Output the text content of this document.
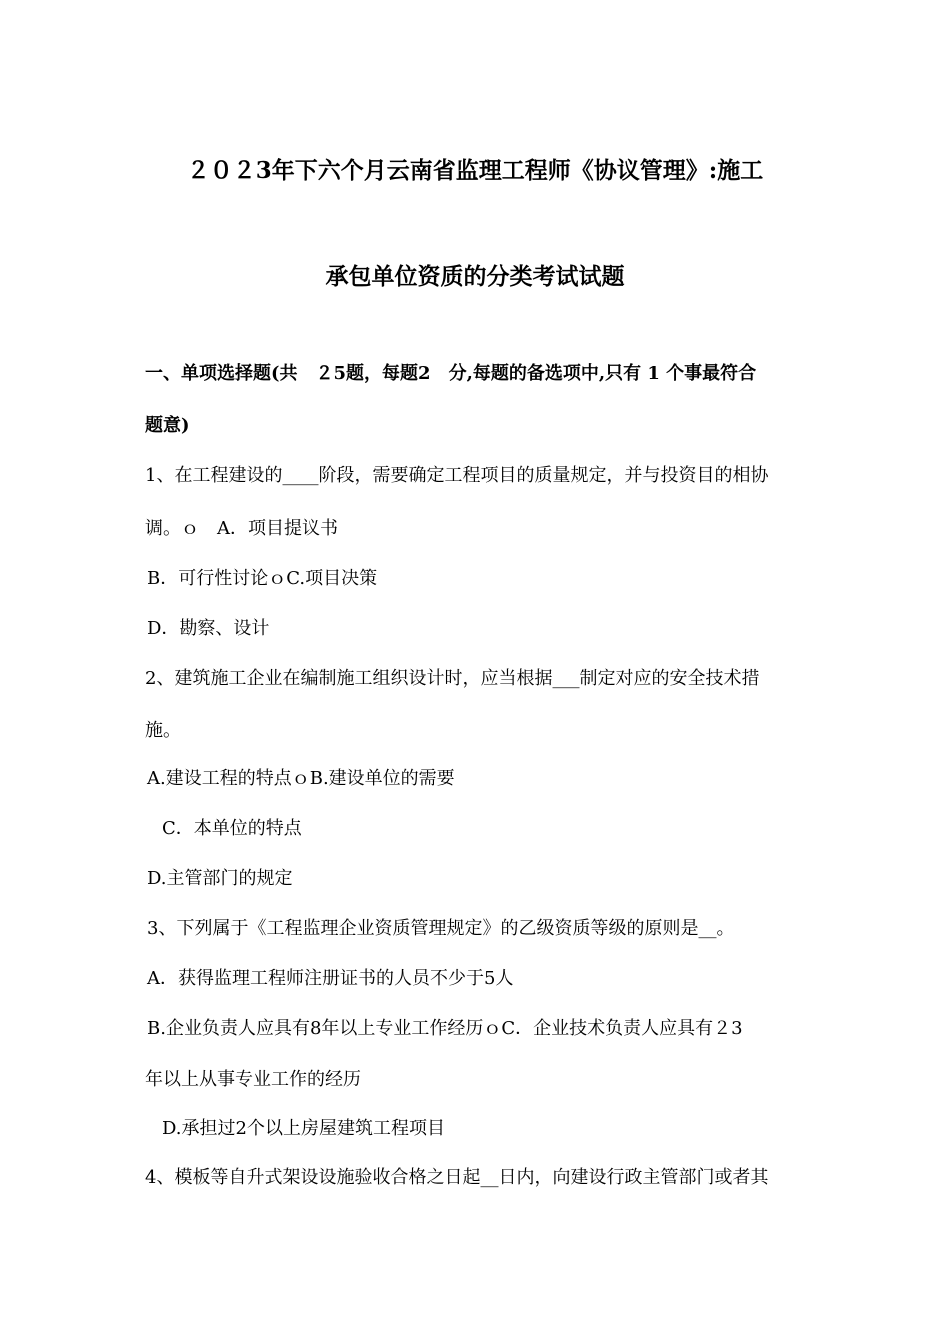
２０２3年下六个月云南省监理工程师《协议管理》:施工
承包单位资质的分类考试试题
一、单项选择题(共　２5题，每题2　分,每题的备选项中,只有 1 个事最符合
题意)
1、在工程建设的____阶段，需要确定工程项目的质量规定，并与投资目的相协
调。ｏ　A．项目提议书
B．可行性讨论ｏC.项目决策
D．勘察、设计
2、建筑施工企业在编制施工组织设计时，应当根据___制定对应的安全技术措
施。
A.建设工程的特点ｏB.建设单位的需要
C．本单位的特点
D.主管部门的规定
3、下列属于《工程监理企业资质管理规定》的乙级资质等级的原则是__。
A．获得监理工程师注册证书的人员不少于5人
B.企业负责人应具有8年以上专业工作经历ｏC．企业技术负责人应具有２3
年以上从事专业工作的经历
D.承担过2个以上房屋建筑工程项目
4、模板等自升式架设设施验收合格之日起__日内，向建设行政主管部门或者其
